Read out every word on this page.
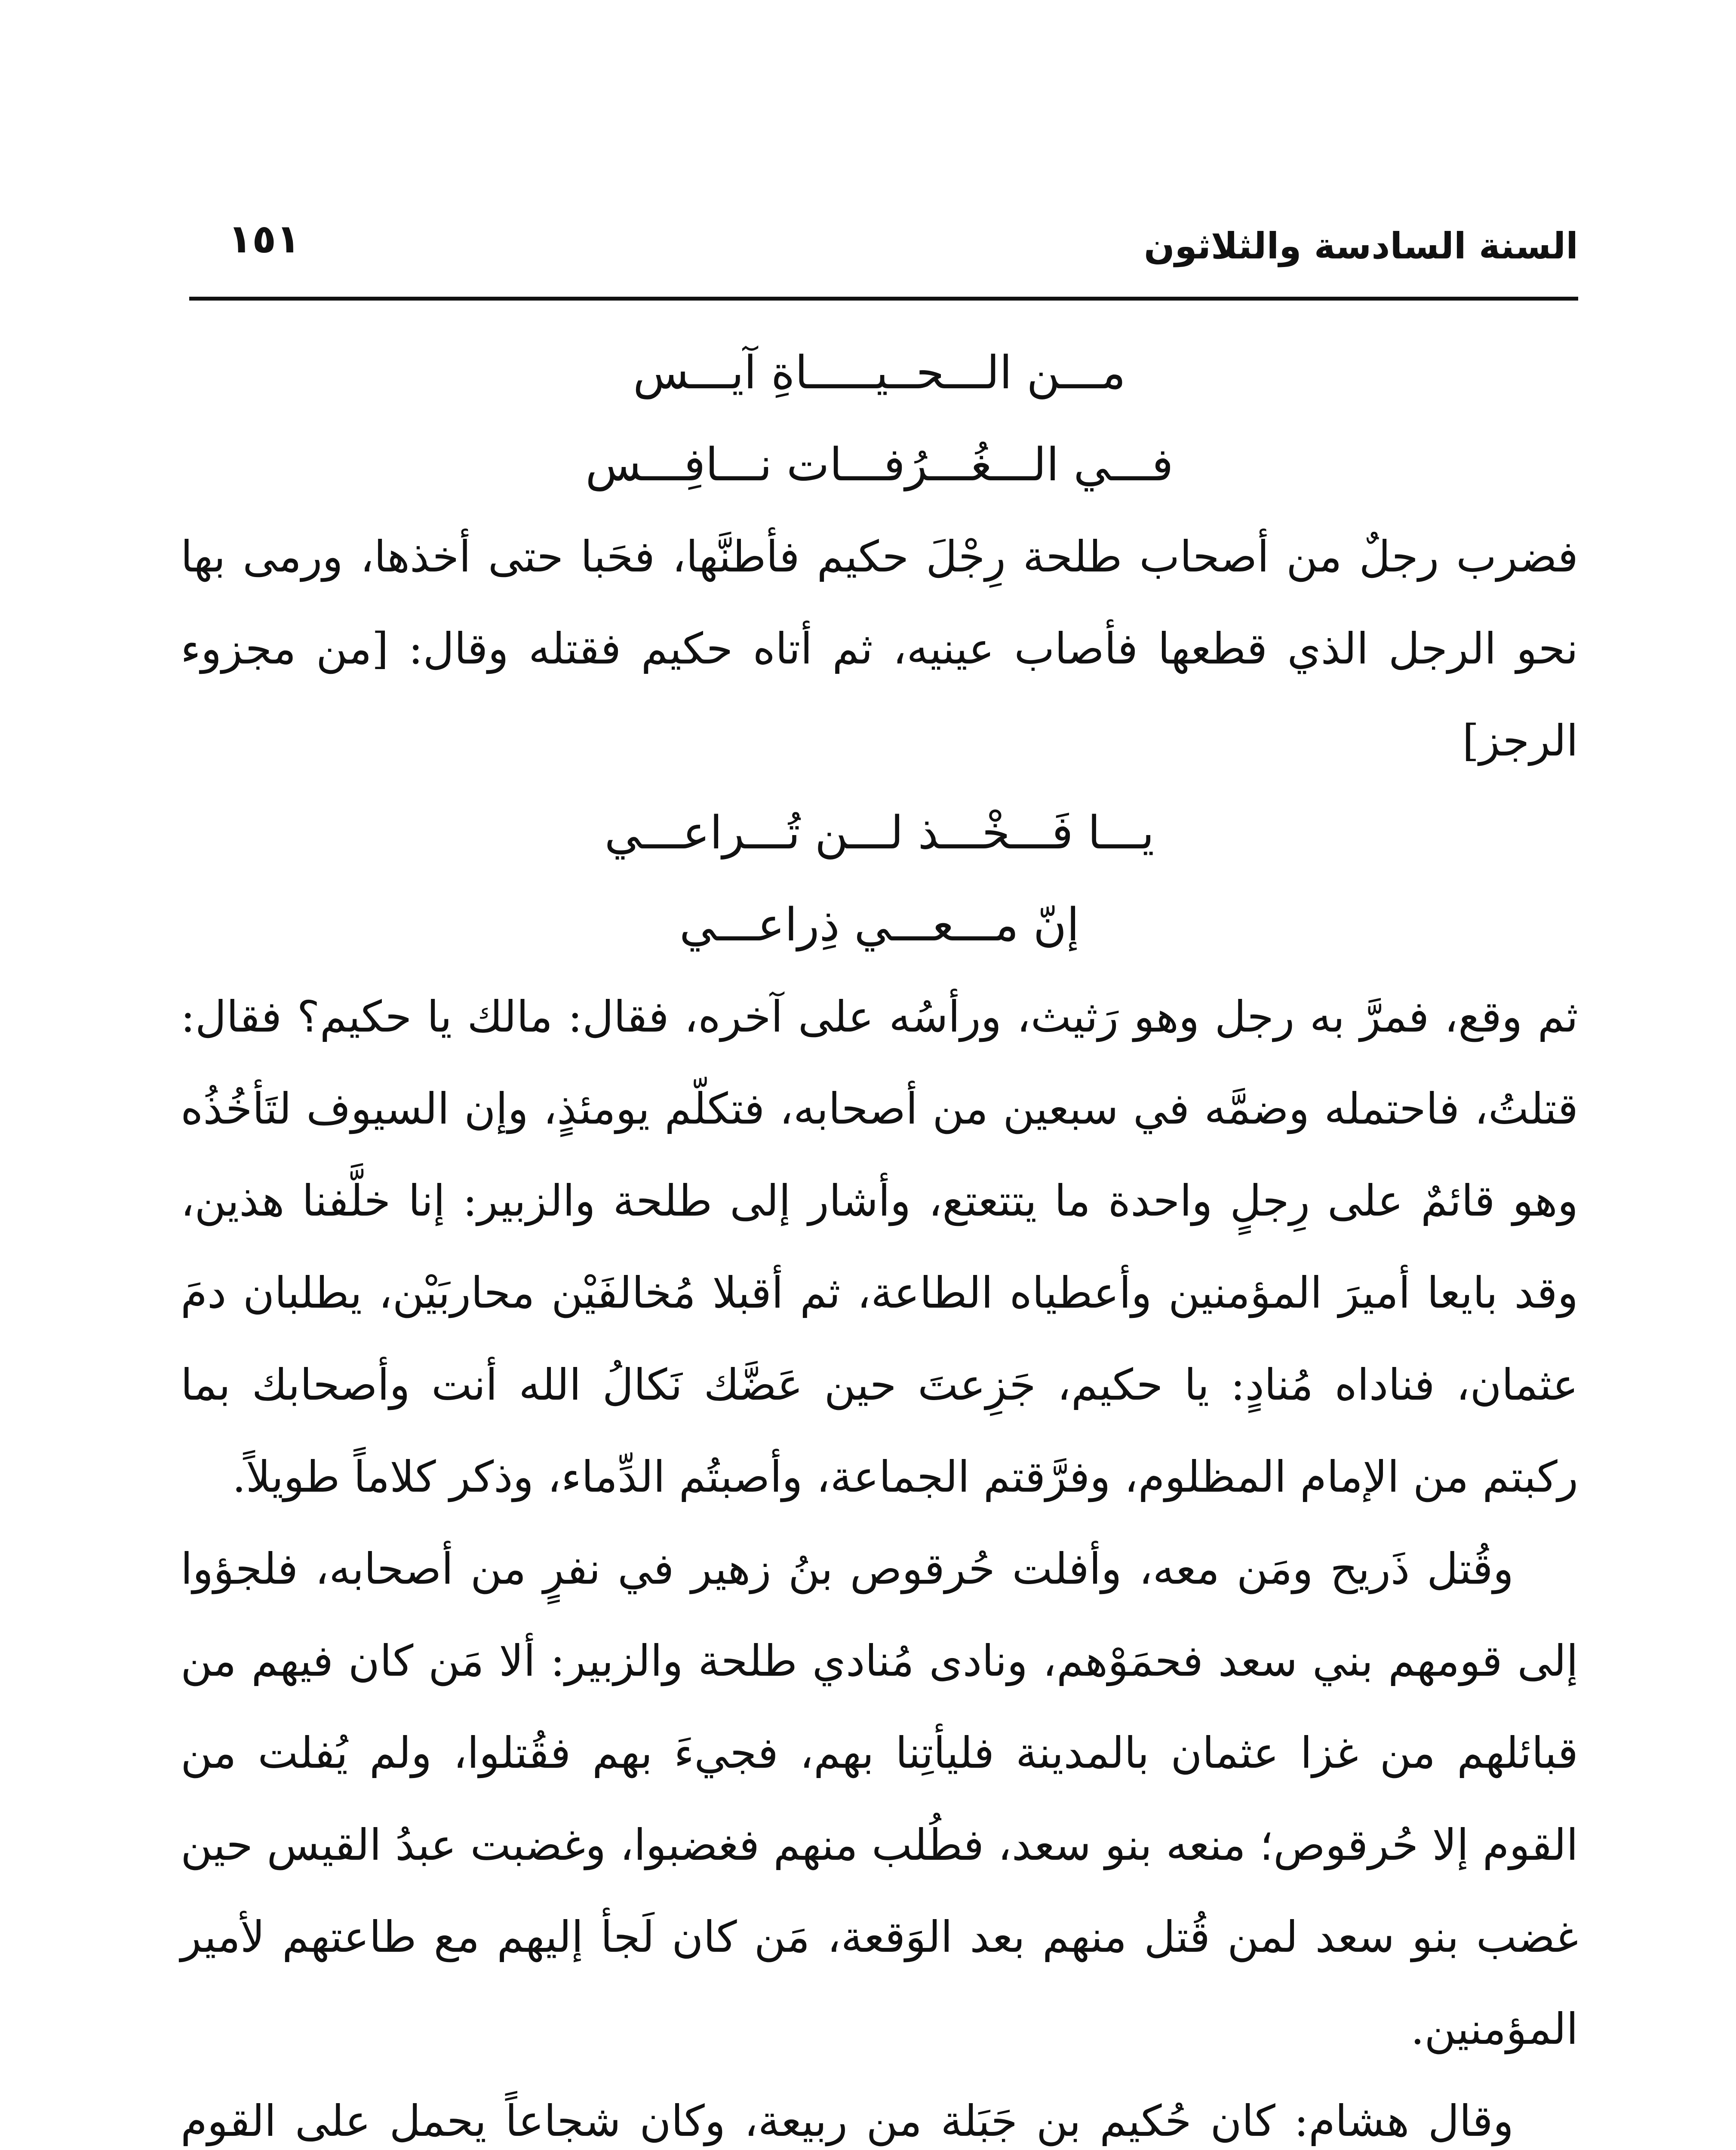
السنة السادسة والثلاثون
١٥١
مـــن الـــحــيـــــاةِ آيـــس
فـــي الـــغُـــرُفـــات نـــافِـــس

فضرب رجلٌ من أصحاب طلحة رِجْلَ حكيم فأطنَّها، فحَبا حتى أخذها، ورمى بها نحو الرجل الذي قطعها فأصاب عينيه، ثم أتاه حكيم فقتله وقال: [من مجزوء الرجز]

يـــا فَـــخْـــذ لـــن تُـــراعـــي
إنّ مـــعـــي ذِراعـــي

ثم وقع، فمرَّ به رجل وهو رَثيث، ورأسُه على آخره، فقال: مالك يا حكيم؟ فقال: قتلتُ، فاحتمله وضمَّه في سبعين من أصحابه، فتكلّم يومئذٍ، وإن السيوف لتَأخُذُه وهو قائمٌ على رِجلٍ واحدة ما يتتعتع، وأشار إلى طلحة والزبير: إنا خلَّفنا هذين، وقد بايعا أميرَ المؤمنين وأعطياه الطاعة، ثم أقبلا مُخالفَيْن محاربَيْن، يطلبان دمَ عثمان، فناداه مُنادٍ: يا حكيم، جَزِعتَ حين عَضَّك نَكالُ الله أنت وأصحابك بما ركبتم من الإمام المظلوم، وفرَّقتم الجماعة، وأصبتُم الدِّماء، وذكر كلاماً طويلاً.

وقُتل ذَريح ومَن معه، وأفلت حُرقوص بنُ زهير في نفرٍ من أصحابه، فلجؤوا إلى قومهم بني سعد فحمَوْهم، ونادى مُنادي طلحة والزبير: ألا مَن كان فيهم من قبائلهم من غزا عثمان بالمدينة فليأتِنا بهم، فجيءَ بهم فقُتلوا، ولم يُفلت من القوم إلا حُرقوص؛ منعه بنو سعد، فطُلب منهم فغضبوا، وغضبت عبدُ القيس حين غضب بنو سعد لمن قُتل منهم بعد الوَقعة، مَن كان لَجأ إليهم مع طاعتهم لأمير المؤمنين.

وقال هشام: كان حُكيم بن جَبَلة من ربيعة، وكان شجاعاً يحمل على القوم
